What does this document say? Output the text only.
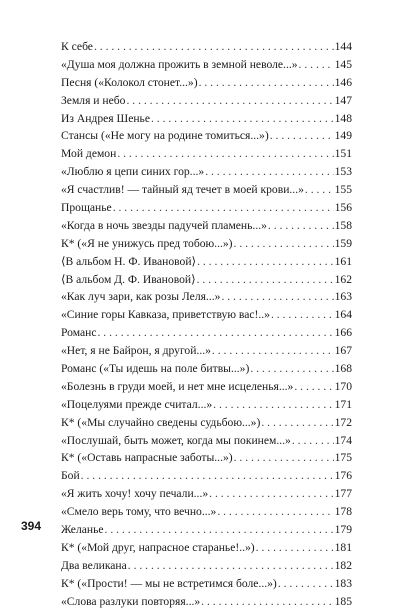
К себе . . .	144
«Душа моя должна прожить в земной неволе...» . . .	145
Песня («Колокол стонет...») . . .	146
Земля и небо . . .	147
Из Андрея Шенье . . .	148
Стансы («Не могу на родине томиться...») . . .	149
Мой демон . . .	151
«Люблю я цепи синих гор...» . . .	153
«Я счастлив! — тайный яд течет в моей крови...» . . .	155
Прощанье . . .	156
«Когда в ночь звезды падучей пламень...» . . .	158
К* («Я не унижусь пред тобою...») . . .	159
⟨В альбом Н. Ф. Ивановой⟩ . . .	161
⟨В альбом Д. Ф. Ивановой⟩ . . .	162
«Как луч зари, как розы Леля...» . . .	163
«Синие горы Кавказа, приветствую вас!..» . . .	164
Романс . . .	166
«Нет, я не Байрон, я другой...» . . .	167
Романс («Ты идешь на поле битвы...») . . .	168
«Болезнь в груди моей, и нет мне исцеленья...» . . .	170
«Поцелуями прежде считал...» . . .	171
К* («Мы случайно сведены судьбою...») . . .	172
«Послушай, быть может, когда мы покинем...» . . .	174
К* («Оставь напрасные заботы...») . . .	175
Бой . . .	176
«Я жить хочу! хочу печали...» . . .	177
«Смело верь тому, что вечно...» . . .	178
Желанье . . .	179
К* («Мой друг, напрасное старанье!..») . . .	181
Два великана . . .	182
К* («Прости! — мы не встретимся боле...») . . .	183
«Слова разлуки повторяя...» . . .	185
394
